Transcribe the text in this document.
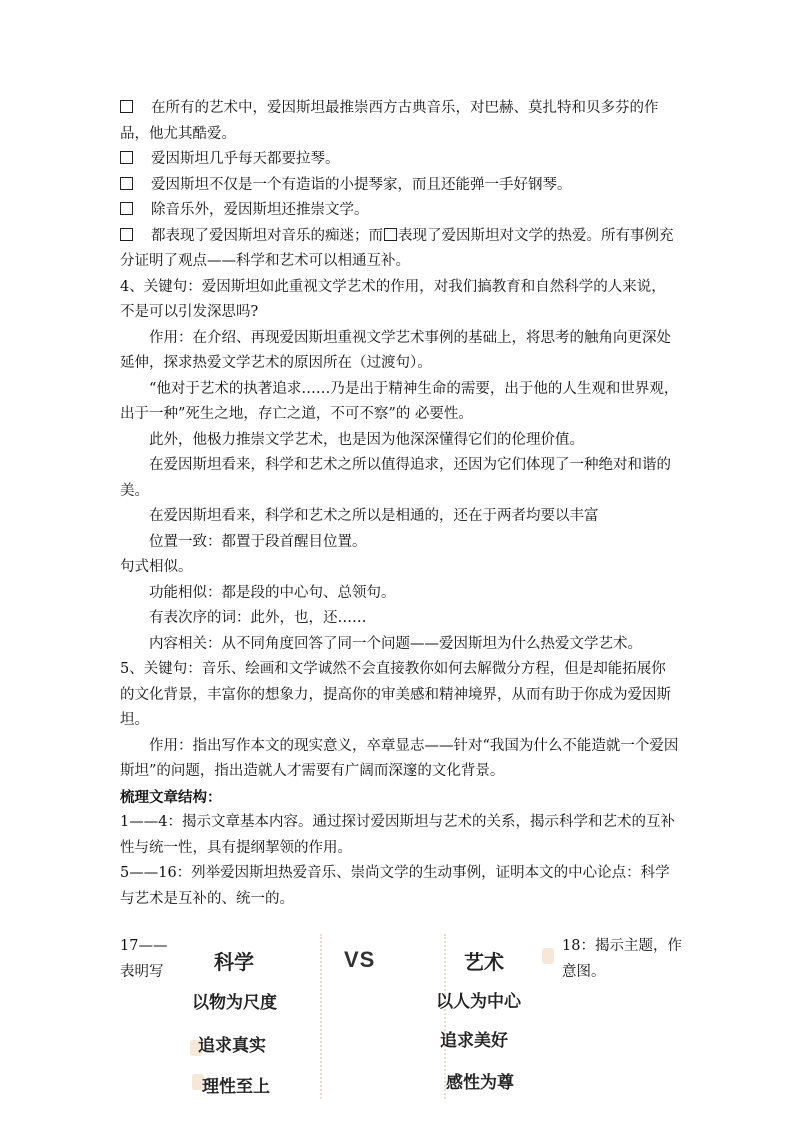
在所有的艺术中，爱因斯坦最推崇西方古典音乐，对巴赫、莫扎特和贝多芬的作品，他尤其酷爱。

爱因斯坦几乎每天都要拉琴。

爱因斯坦不仅是一个有造诣的小提琴家，而且还能弹一手好钢琴。

除音乐外，爱因斯坦还推崇文学。

都表现了爱因斯坦对音乐的痴迷；而 表现了爱因斯坦对文学的热爱。所有事例充分证明了观点——科学和艺术可以相通互补。

4、关键句：爱因斯坦如此重视文学艺术的作用，对我们搞教育和自然科学的人来说，不是可以引发深思吗?

作用：在介绍、再现爱因斯坦重视文学艺术事例的基础上，将思考的触角向更深处延伸，探求热爱文学艺术的原因所在（过渡句）。

“他对于艺术的执著追求……乃是出于精神生命的需要，出于他的人生观和世界观，出于一种”死生之地，存亡之道，不可不察”的 必要性。

此外，他极力推崇文学艺术，也是因为他深深懂得它们的伦理价值。

在爱因斯坦看来，科学和艺术之所以值得追求，还因为它们体现了一种绝对和谐的美。

在爱因斯坦看来，科学和艺术之所以是相通的，还在于两者均要以丰富

位置一致：都置于段首醒目位置。

句式相似。

功能相似：都是段的中心句、总领句。

有表次序的词：此外，也，还……

内容相关：从不同角度回答了同一个问题——爱因斯坦为什么热爱文学艺术。

5、关键句：音乐、绘画和文学诚然不会直接教你如何去解微分方程，但是却能拓展你的文化背景，丰富你的想象力，提高你的审美感和精神境界，从而有助于你成为爱因斯坦。

作用：指出写作本文的现实意义，卒章显志——针对“我国为什么不能造就一个爱因斯坦”的问题，指出造就人才需要有广阔而深邃的文化背景。

梳理文章结构：

1——4：揭示文章基本内容。通过探讨爱因斯坦与艺术的关系，揭示科学和艺术的互补性与统一性，具有提纲挈领的作用。

5——16：列举爱因斯坦热爱音乐、崇尚文学的生动事例，证明本文的中心论点：科学与艺术是互补的、统一的。

17——表明写
18：揭示主题，作意图。
科学	VS	艺术
以物为尺度
追求真实
理性至上
以人为中心
追求美好
感性为尊
